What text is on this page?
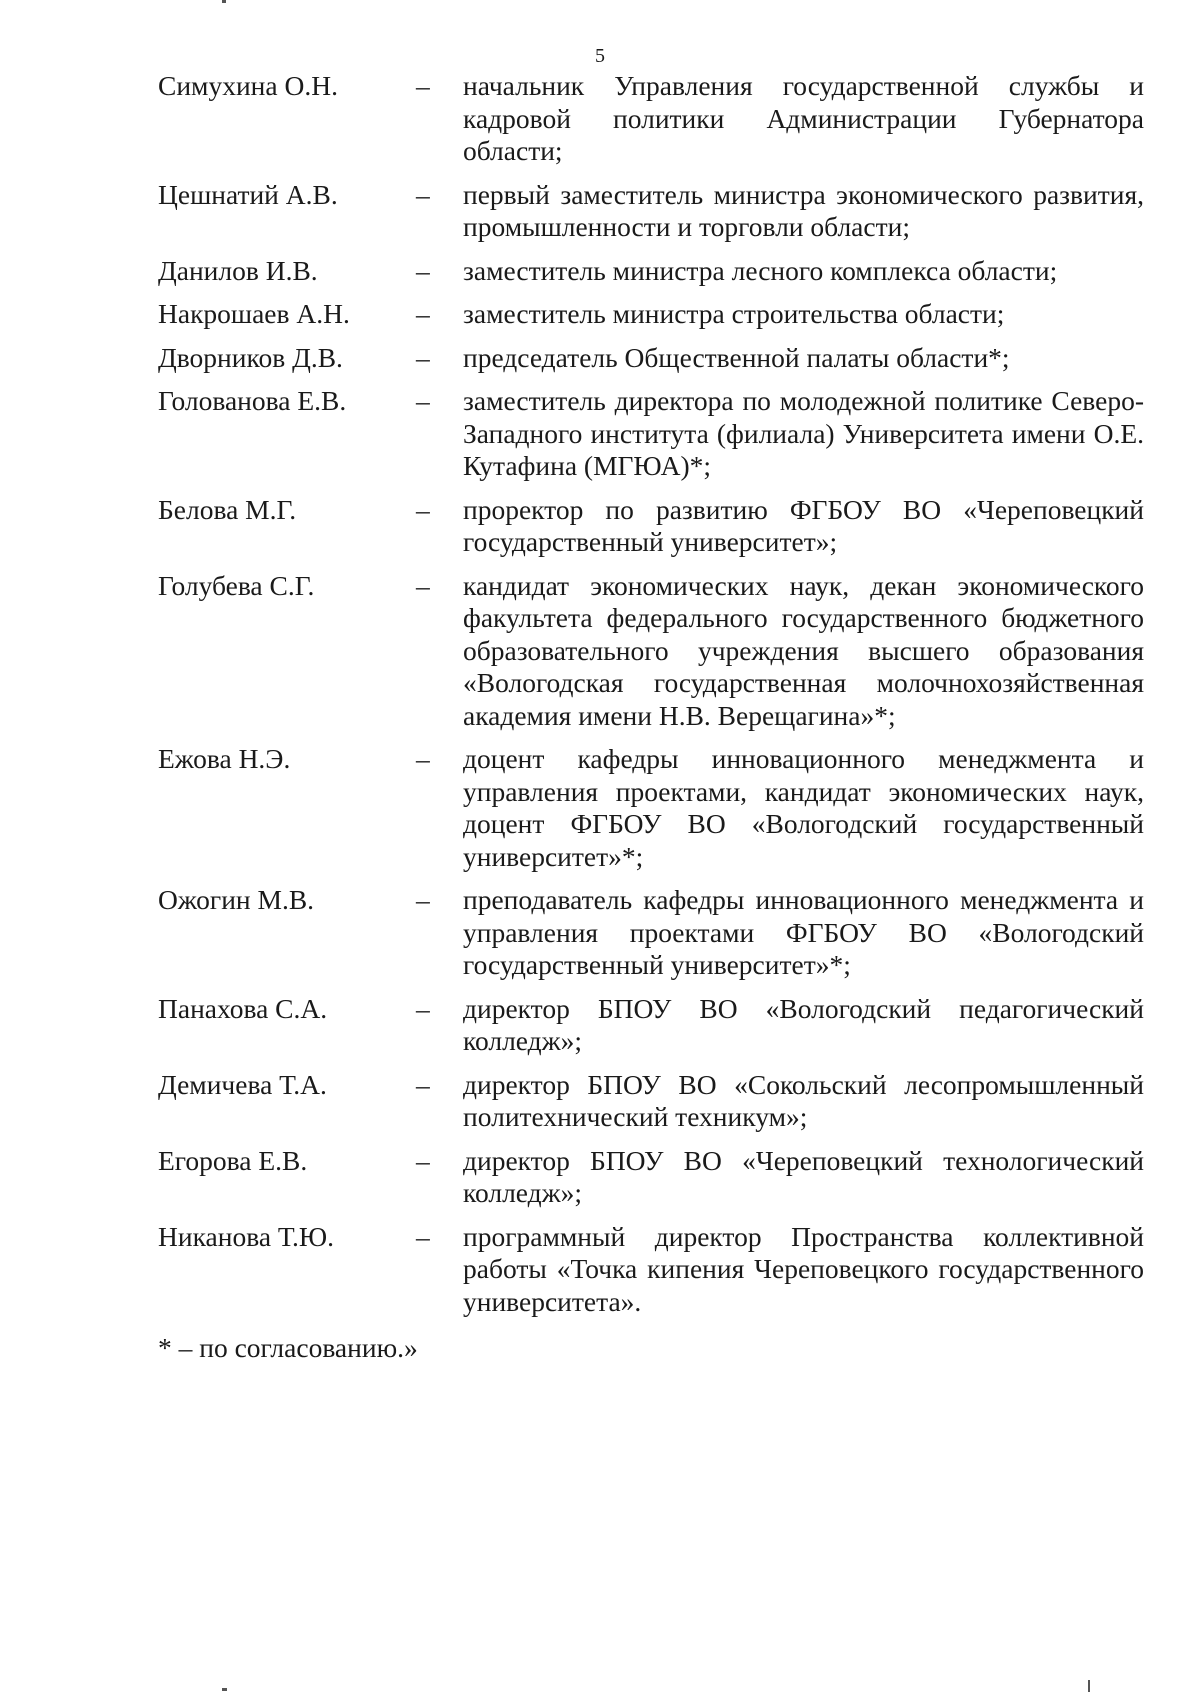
5
Симухина О.Н.	–	начальник Управления государственной службы и кадровой политики Администрации Губернатора области;
Цешнатий А.В.	–	первый заместитель министра экономического развития, промышленности и торговли области;
Данилов И.В.	–	заместитель министра лесного комплекса области;
Накрошаев А.Н.	–	заместитель министра строительства области;
Дворников Д.В.	–	председатель Общественной палаты области*;
Голованова Е.В.	–	заместитель директора по молодежной политике Северо-Западного института (филиала) Университета имени О.Е. Кутафина (МГЮА)*;
Белова М.Г.	–	проректор по развитию ФГБОУ ВО «Череповецкий государственный университет»;
Голубева С.Г.	–	кандидат экономических наук, декан экономического факультета федерального государственного бюджетного образовательного учреждения высшего образования «Вологодская государственная молочнохозяйственная академия имени Н.В. Верещагина»*;
Ежова Н.Э.	–	доцент кафедры инновационного менеджмента и управления проектами, кандидат экономических наук, доцент ФГБОУ ВО «Вологодский государственный университет»*;
Ожогин М.В.	–	преподаватель кафедры инновационного менеджмента и управления проектами ФГБОУ ВО «Вологодский государственный университет»*;
Панахова С.А.	–	директор БПОУ ВО «Вологодский педагогический колледж»;
Демичева Т.А.	–	директор БПОУ ВО «Сокольский лесопромышленный политехнический техникум»;
Егорова Е.В.	–	директор БПОУ ВО «Череповецкий технологический колледж»;
Никанова Т.Ю.	–	программный директор Пространства коллективной работы «Точка кипения Череповецкого государственного университета».
* – по согласованию.»
